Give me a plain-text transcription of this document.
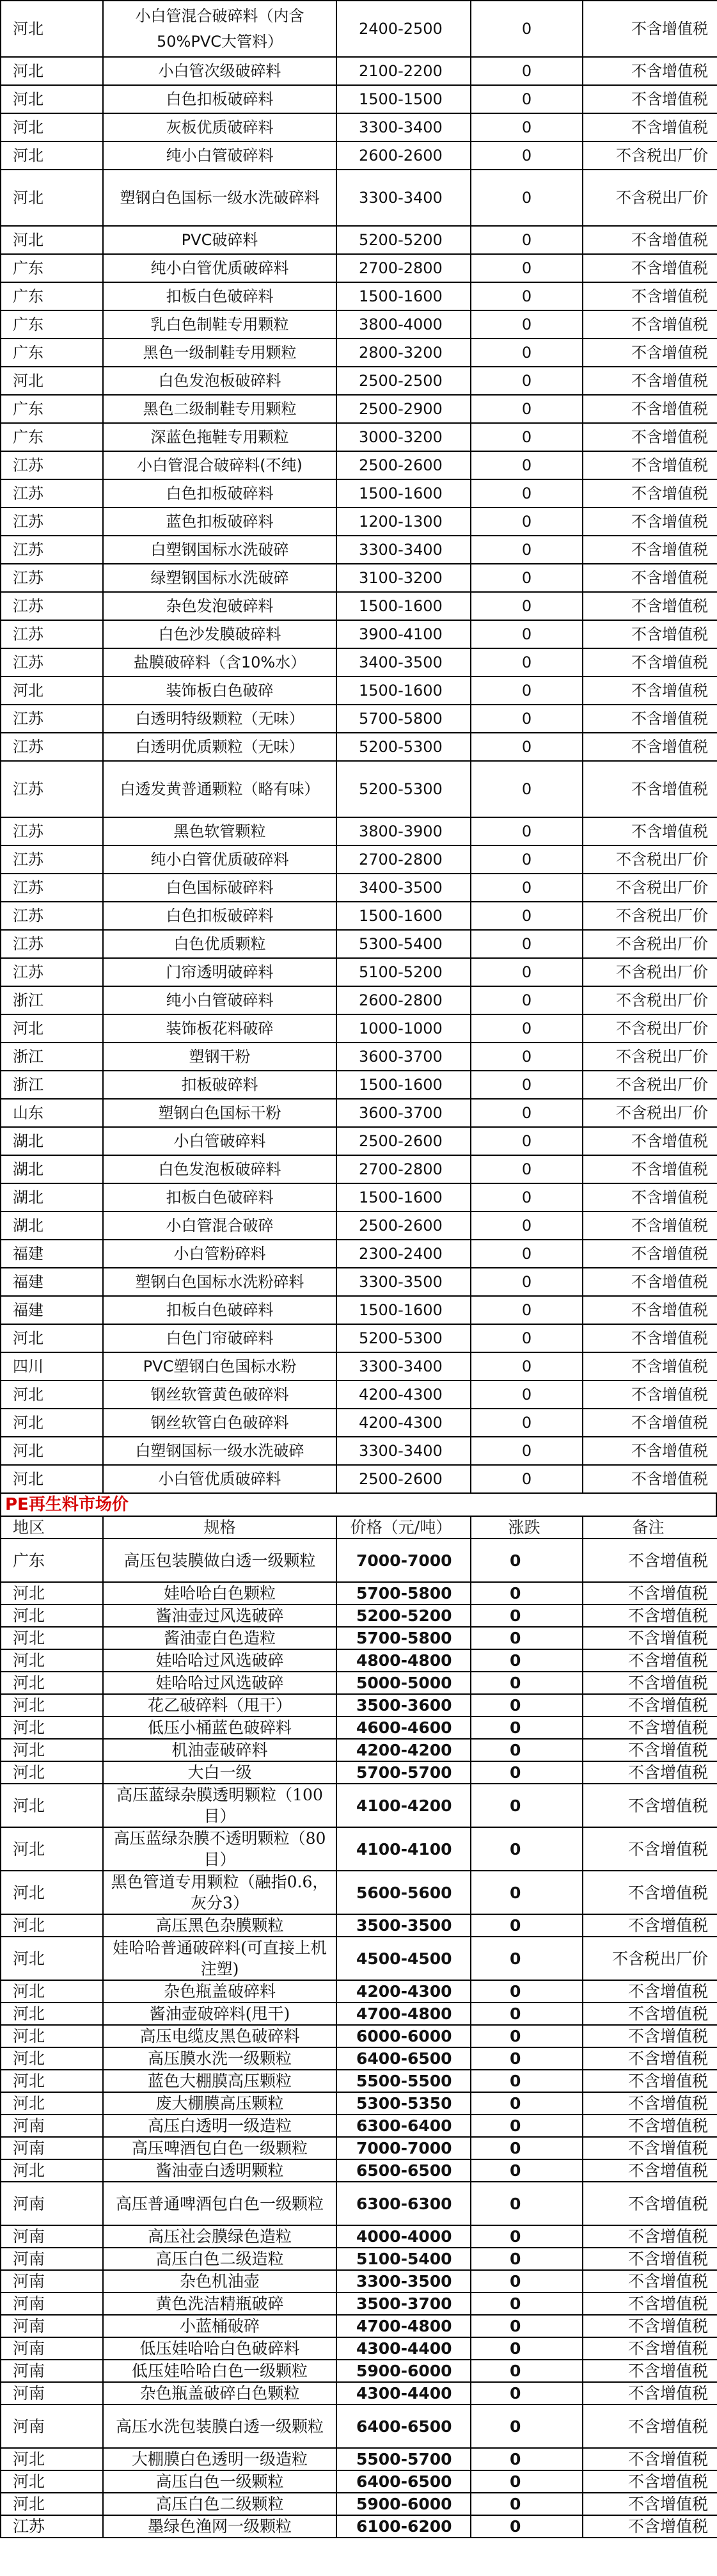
河北	小白管混合破碎料（内含50%PVC大管料）	2400-2500	0	不含增值税
河北	小白管次级破碎料	2100-2200	0	不含增值税
河北	白色扣板破碎料	1500-1500	0	不含增值税
河北	灰板优质破碎料	3300-3400	0	不含增值税
河北	纯小白管破碎料	2600-2600	0	不含税出厂价
河北	塑钢白色国标一级水洗破碎料	3300-3400	0	不含税出厂价
河北	PVC破碎料	5200-5200	0	不含增值税
广东	纯小白管优质破碎料	2700-2800	0	不含增值税
广东	扣板白色破碎料	1500-1600	0	不含增值税
广东	乳白色制鞋专用颗粒	3800-4000	0	不含增值税
广东	黑色一级制鞋专用颗粒	2800-3200	0	不含增值税
河北	白色发泡板破碎料	2500-2500	0	不含增值税
广东	黑色二级制鞋专用颗粒	2500-2900	0	不含增值税
广东	深蓝色拖鞋专用颗粒	3000-3200	0	不含增值税
江苏	小白管混合破碎料(不纯)	2500-2600	0	不含增值税
江苏	白色扣板破碎料	1500-1600	0	不含增值税
江苏	蓝色扣板破碎料	1200-1300	0	不含增值税
江苏	白塑钢国标水洗破碎	3300-3400	0	不含增值税
江苏	绿塑钢国标水洗破碎	3100-3200	0	不含增值税
江苏	杂色发泡破碎料	1500-1600	0	不含增值税
江苏	白色沙发膜破碎料	3900-4100	0	不含增值税
江苏	盐膜破碎料（含10%水）	3400-3500	0	不含增值税
河北	装饰板白色破碎	1500-1600	0	不含增值税
江苏	白透明特级颗粒（无味）	5700-5800	0	不含增值税
江苏	白透明优质颗粒（无味）	5200-5300	0	不含增值税
江苏	白透发黄普通颗粒（略有味）	5200-5300	0	不含增值税
江苏	黑色软管颗粒	3800-3900	0	不含增值税
江苏	纯小白管优质破碎料	2700-2800	0	不含税出厂价
江苏	白色国标破碎料	3400-3500	0	不含税出厂价
江苏	白色扣板破碎料	1500-1600	0	不含税出厂价
江苏	白色优质颗粒	5300-5400	0	不含税出厂价
江苏	门帘透明破碎料	5100-5200	0	不含税出厂价
浙江	纯小白管破碎料	2600-2800	0	不含税出厂价
河北	装饰板花料破碎	1000-1000	0	不含税出厂价
浙江	塑钢干粉	3600-3700	0	不含税出厂价
浙江	扣板破碎料	1500-1600	0	不含税出厂价
山东	塑钢白色国标干粉	3600-3700	0	不含税出厂价
湖北	小白管破碎料	2500-2600	0	不含增值税
湖北	白色发泡板破碎料	2700-2800	0	不含增值税
湖北	扣板白色破碎料	1500-1600	0	不含增值税
湖北	小白管混合破碎	2500-2600	0	不含增值税
福建	小白管粉碎料	2300-2400	0	不含增值税
福建	塑钢白色国标水洗粉碎料	3300-3500	0	不含增值税
福建	扣板白色破碎料	1500-1600	0	不含增值税
河北	白色门帘破碎料	5200-5300	0	不含增值税
四川	PVC塑钢白色国标水粉	3300-3400	0	不含增值税
河北	钢丝软管黄色破碎料	4200-4300	0	不含增值税
河北	钢丝软管白色破碎料	4200-4300	0	不含增值税
河北	白塑钢国标一级水洗破碎	3300-3400	0	不含增值税
河北	小白管优质破碎料	2500-2600	0	不含增值税
PE再生料市场价
地区	规格	价格（元/吨）	涨跌	备注
广东	高压包装膜做白透一级颗粒	7000-7000	0	不含增值税
河北	娃哈哈白色颗粒	5700-5800	0	不含增值税
河北	酱油壶过风选破碎	5200-5200	0	不含增值税
河北	酱油壶白色造粒	5700-5800	0	不含增值税
河北	娃哈哈过风选破碎	4800-4800	0	不含增值税
河北	娃哈哈过风选破碎	5000-5000	0	不含增值税
河北	花乙破碎料（甩干）	3500-3600	0	不含增值税
河北	低压小桶蓝色破碎料	4600-4600	0	不含增值税
河北	机油壶破碎料	4200-4200	0	不含增值税
河北	大白一级	5700-5700	0	不含增值税
河北	高压蓝绿杂膜透明颗粒（100目）	4100-4200	0	不含增值税
河北	高压蓝绿杂膜不透明颗粒（80目）	4100-4100	0	不含增值税
河北	黑色管道专用颗粒（融指0.6，灰分3）	5600-5600	0	不含增值税
河北	高压黑色杂膜颗粒	3500-3500	0	不含增值税
河北	娃哈哈普通破碎料(可直接上机注塑)	4500-4500	0	不含税出厂价
河北	杂色瓶盖破碎料	4200-4300	0	不含增值税
河北	酱油壶破碎料(甩干)	4700-4800	0	不含增值税
河北	高压电缆皮黑色破碎料	6000-6000	0	不含增值税
河北	高压膜水洗一级颗粒	6400-6500	0	不含增值税
河北	蓝色大棚膜高压颗粒	5500-5500	0	不含增值税
河北	废大棚膜高压颗粒	5300-5350	0	不含增值税
河南	高压白透明一级造粒	6300-6400	0	不含增值税
河南	高压啤酒包白色一级颗粒	7000-7000	0	不含增值税
河北	酱油壶白透明颗粒	6500-6500	0	不含增值税
河南	高压普通啤酒包白色一级颗粒	6300-6300	0	不含增值税
河南	高压社会膜绿色造粒	4000-4000	0	不含增值税
河南	高压白色二级造粒	5100-5400	0	不含增值税
河南	杂色机油壶	3300-3500	0	不含增值税
河南	黄色洗洁精瓶破碎	3500-3700	0	不含增值税
河南	小蓝桶破碎	4700-4800	0	不含增值税
河南	低压娃哈哈白色破碎料	4300-4400	0	不含增值税
河南	低压娃哈哈白色一级颗粒	5900-6000	0	不含增值税
河南	杂色瓶盖破碎白色颗粒	4300-4400	0	不含增值税
河南	高压水洗包装膜白透一级颗粒	6400-6500	0	不含增值税
河北	大棚膜白色透明一级造粒	5500-5700	0	不含增值税
河北	高压白色一级颗粒	6400-6500	0	不含增值税
河北	高压白色二级颗粒	5900-6000	0	不含增值税
江苏	墨绿色渔网一级颗粒	6100-6200	0	不含增值税
